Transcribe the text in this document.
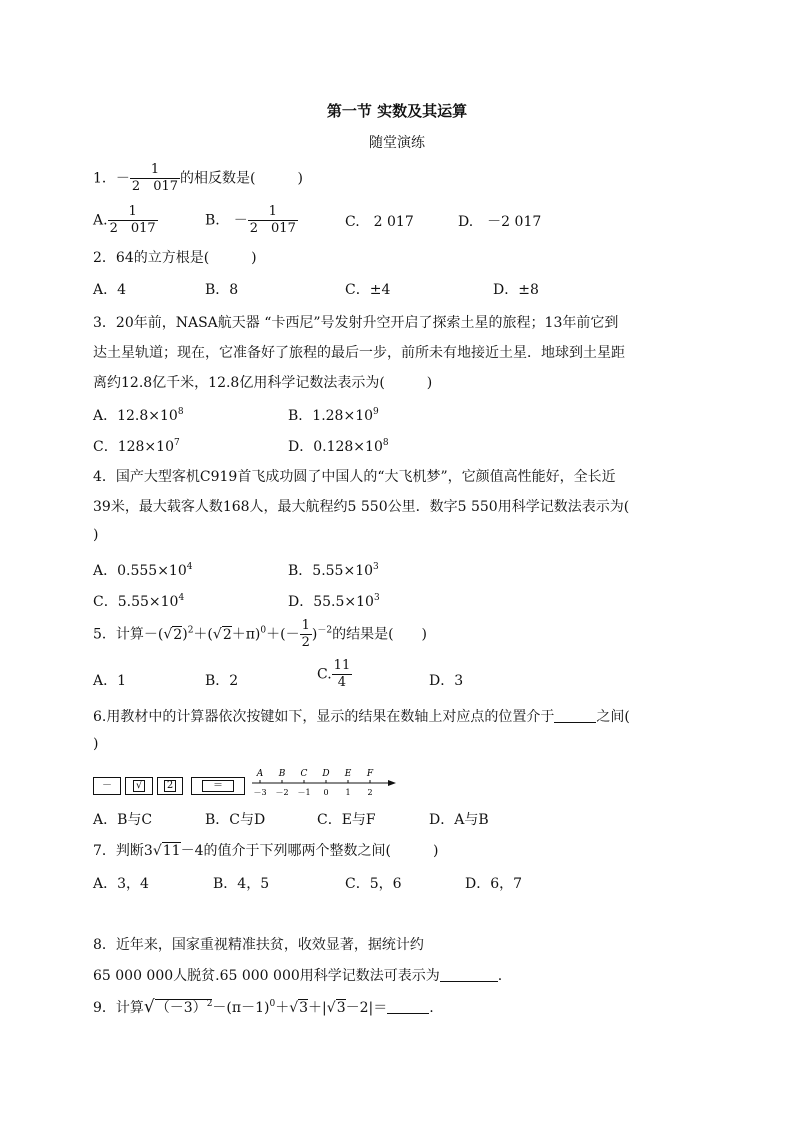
第一节 实数及其运算
随堂演练
1．－ $\frac{1}{2 017}$ 的相反数是(　　　)
A. $\frac{1}{2 017}$	B.　－ $\frac{1}{2 017}$	C.　2 017	D.　－2 017
2．64的立方根是(　　　)
A．4	B．8	C．±4	D．±8
3．20年前，NASA航天器 “卡西尼”号发射升空开启了探索土星的旅程；13年前它到
达土星轨道；现在，它准备好了旅程的最后一步，前所未有地接近土星．地球到土星距
离约12.8亿千米，12.8亿用科学记数法表示为(　　　)
A．$12.8\times 10^8$	B．$1.28\times 10^9$
C．$128\times 10^7$	D．$0.128\times 10^8$
4．国产大型客机C919首飞成功圆了中国人的“大飞机梦”，它颜值高性能好，全长近
39米，最大载客人数168人，最大航程约5 550公里．数字5 550用科学记数法表示为(
)
A．$0.555\times 10^4$	B．$5.55\times 10^3$
C．$5.55\times 10^4$	D．$55.5\times 10^3$
5．计算$-(√2)^2+(√2+\pi)^0+(- \frac{1}{2} )^{-2}$的结果是(　　)
A．1	B．2	C. $\frac{11}{4}$	D．3
6.用教材中的计算器依次按键如下，显示的结果在数轴上对应点的位置介于	之间(
)
－	√	2	＝
A
－3
B
－2
C
－1
D
0
E
1
F
2
A．B与C	B．C与D	C．E与F	D．A与B
7．判断3√11－4的值介于下列哪两个整数之间(　　　)
A．3，4	B．4，5	C．5，6	D．6，7
8．近年来，国家重视精准扶贫，收效显著，据统计约
65 000 000人脱贫.65 000 000用科学记数法可表示为	.
9．计算$√(-3)^2-(\pi-1)^0+√3+|√3-2|=$	.
